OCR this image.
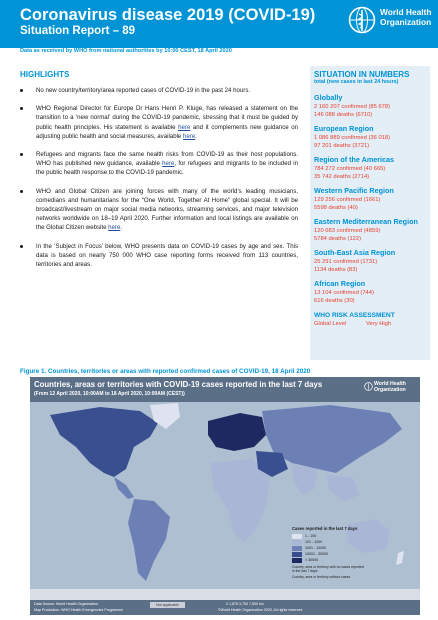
Coronavirus disease 2019 (COVID-19)
Situation Report – 89
World Health
Organization
Data as received by WHO from national authorities by 10:00 CEST, 18 April 2020
HIGHLIGHTS
No new country/territory/area reported cases of COVID-19 in the past 24 hours.
WHO Regional Director for Europe Dr Hans Henri P. Kluge, has released a statement on the transition to a ‘new normal’ during the COVID-19 pandemic, stressing that it must be guided by public health principles. His statement is available here and it complements new guidance on adjusting public health and social measures, available here.
Refugees and migrants face the same health risks from COVID-19 as their host populations. WHO has published new guidance, available here, for refugees and migrants to be included in the public health response to the COVID-19 pandemic.
WHO and Global Citizen are joining forces with many of the world’s leading musicians, comedians and humanitarians for the “One World, Together At Home” global special. It will be broadcast/livestream on major social media networks, streaming services, and major television networks worldwide on 18–19 April 2020. Further information and local listings are available on the Global Citizen website here.
In the ‘Subject in Focus’ below, WHO presents data on COVID-19 cases by age and sex. This data is based on nearly 750 000 WHO case reporting forms received from 113 countries, territories and areas.
SITUATION IN NUMBERS
total (new cases in last 24 hours)
Globally
2 160 207 confirmed (85 678)
146 088 deaths (6710)
European Region
1 086 889 confirmed (36 018)
97 201 deaths (3721)
Region of the Americas
784 272 confirmed (40 665)
35 742 deaths (2714)
Western Pacific Region
129 256 confirmed (1661)
5598 deaths (40)
Eastern Mediterranean Region
120 683 confirmed (4859)
5784 deaths (122)
South-East Asia Region
25 291 confirmed (1731)
1134 deaths (83)
African Region
13 104 confirmed (744)
616 deaths (30)
WHO RISK ASSESSMENT
Global Level	Very High
Figure 1. Countries, territories or areas with reported confirmed cases of COVID-19, 18 April 2020
Countries, areas or territories with COVID-19 cases reported in the last 7 days
(From 12 April 2020, 10:00AM to 18 April 2020, 10:00AM (CEST))
World Health
Organization
Cases reported in the last 7 days
1 - 100
101 - 1000
1001 - 10000
10001 - 30000
> 30000
Country, area or territory with no cases reported in the last 7 days
Country, area or territory without cases
Data Source: World Health Organization
Map Production: WHO Health Emergencies Programme
Not applicable	0 1,875 3,750 7,500 km
©World Health Organization 2020, All rights reserved.
